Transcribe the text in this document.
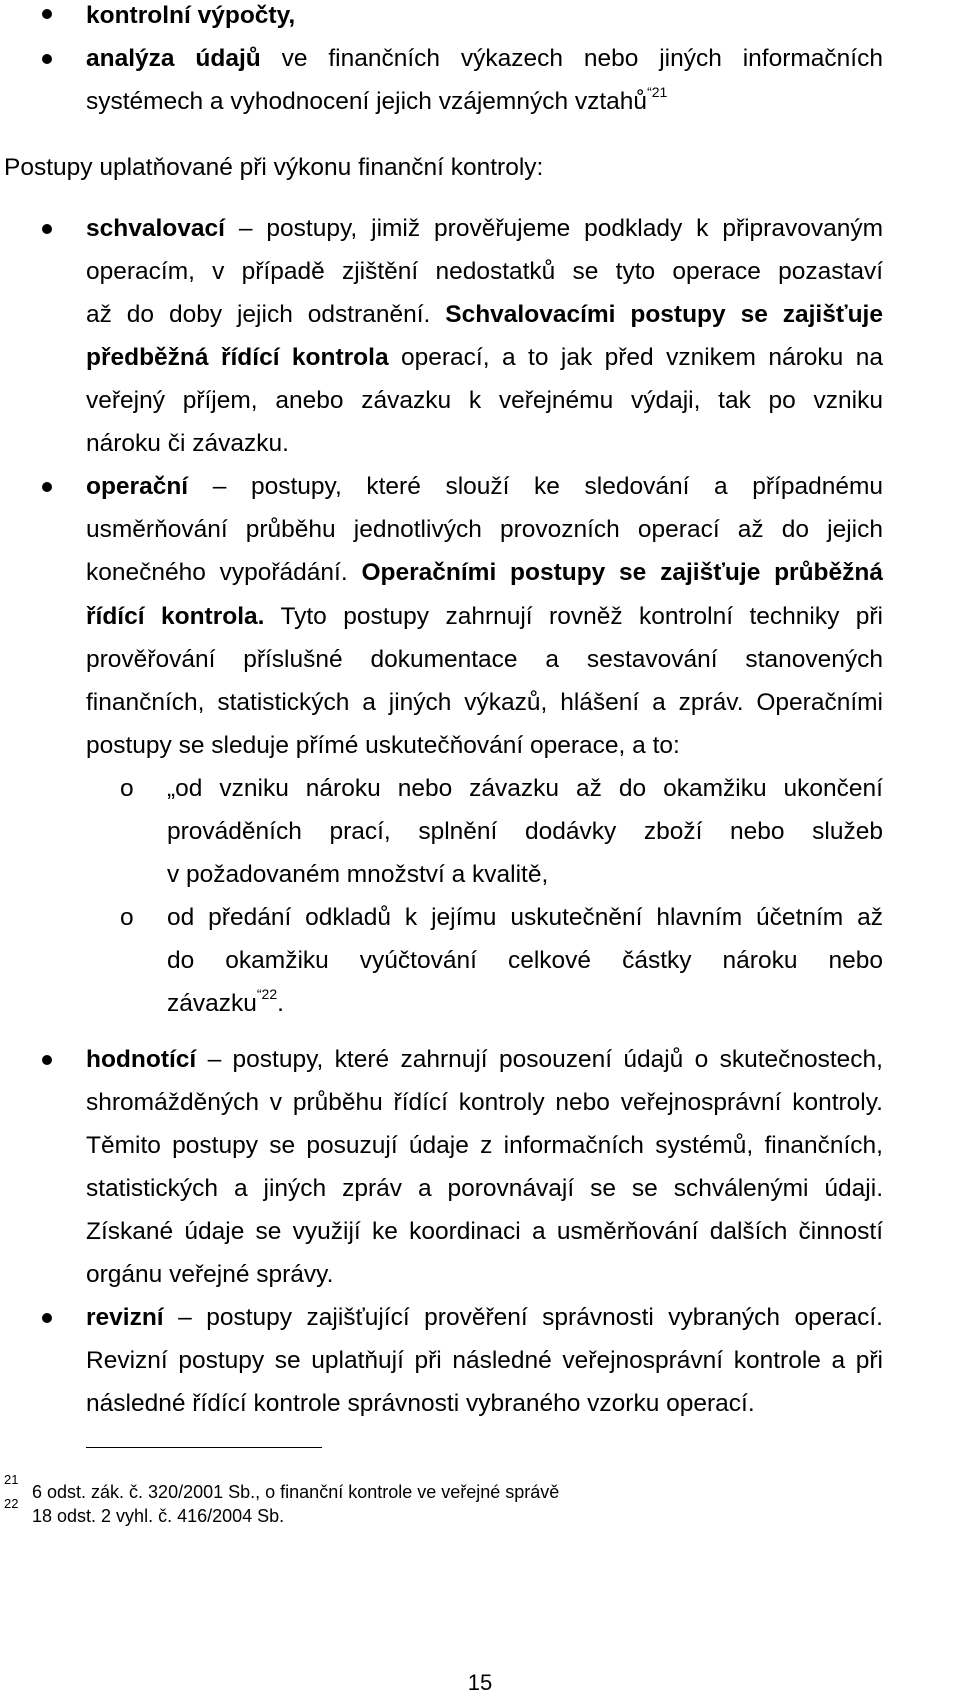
kontrolní výpočty,

analýza údajů ve finančních výkazech nebo jiných informačních

systémech a vyhodnocení jejich vzájemných vztahů$^{“21}$

Postupy uplatňované při výkonu finanční kontroly:

schvalovací – postupy, jimiž prověřujeme podklady k připravovaným

operacím, v případě zjištění nedostatků se tyto operace pozastaví

až do doby jejich odstranění. Schvalovacími postupy se zajišťuje

předběžná řídící kontrola operací, a to jak před vznikem nároku na

veřejný příjem, anebo závazku k veřejnému výdaji, tak po vzniku

nároku či závazku.

operační – postupy, které slouží ke sledování a případnému

usměrňování průběhu jednotlivých provozních operací až do jejich

konečného vypořádání. Operačními postupy se zajišťuje průběžná

řídící kontrola. Tyto postupy zahrnují rovněž kontrolní techniky při

prověřování příslušné dokumentace a sestavování stanovených

finančních, statistických a jiných výkazů, hlášení a zpráv. Operačními

postupy se sleduje přímé uskutečňování operace, a to:

o „od vzniku nároku nebo závazku až do okamžiku ukončení

prováděních prací, splnění dodávky zboží nebo služeb

v požadovaném množství a kvalitě,

o od předání odkladů k jejímu uskutečnění hlavním účetním až

do okamžiku vyúčtování celkové částky nároku nebo

závazku$^{“22}$.

hodnotící – postupy, které zahrnují posouzení údajů o skutečnostech,

shromážděných v průběhu řídící kontroly nebo veřejnosprávní kontroly.

Těmito postupy se posuzují údaje z informačních systémů, finančních,

statistických a jiných zpráv a porovnávají se se schválenými údaji.

Získané údaje se využijí ke koordinaci a usměrňování dalších činností

orgánu veřejné správy.

revizní – postupy zajišťující prověření správnosti vybraných operací.

Revizní postupy se uplatňují při následné veřejnosprávní kontrole a při

následné řídící kontrole správnosti vybraného vzorku operací.

21
6 odst. zák. č. 320/2001 Sb., o finanční kontrole ve veřejné správě
22
18 odst. 2 vyhl. č. 416/2004 Sb.
15
